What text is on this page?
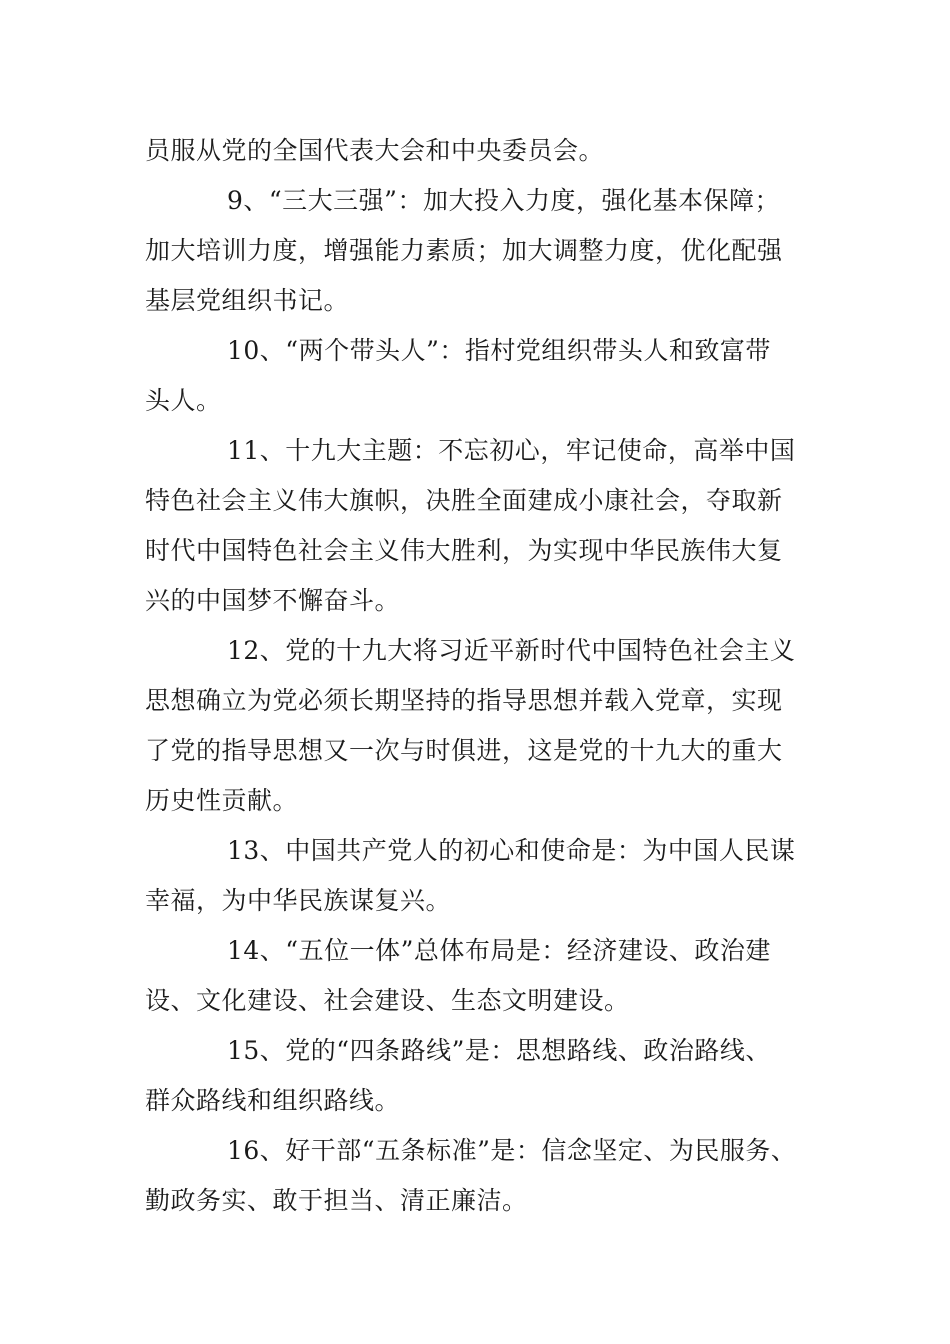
员服从党的全国代表大会和中央委员会。
9、“三大三强”：加大投入力度，强化基本保障；
加大培训力度，增强能力素质；加大调整力度，优化配强
基层党组织书记。
10、“两个带头人”：指村党组织带头人和致富带
头人。
11、十九大主题：不忘初心，牢记使命，高举中国
特色社会主义伟大旗帜，决胜全面建成小康社会，夺取新
时代中国特色社会主义伟大胜利，为实现中华民族伟大复
兴的中国梦不懈奋斗。
12、党的十九大将习近平新时代中国特色社会主义
思想确立为党必须长期坚持的指导思想并载入党章，实现
了党的指导思想又一次与时俱进，这是党的十九大的重大
历史性贡献。
13、中国共产党人的初心和使命是：为中国人民谋
幸福，为中华民族谋复兴。
14、“五位一体”总体布局是：经济建设、政治建
设、文化建设、社会建设、生态文明建设。
15、党的“四条路线”是：思想路线、政治路线、
群众路线和组织路线。
16、好干部“五条标准”是：信念坚定、为民服务、
勤政务实、敢于担当、清正廉洁。
